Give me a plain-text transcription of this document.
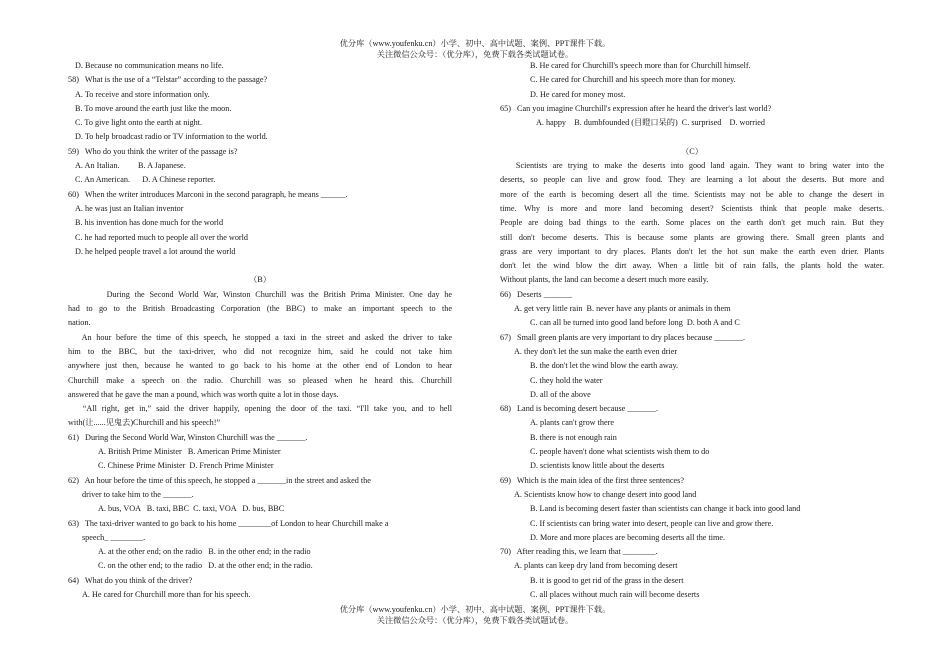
优分库（www.youfenku.cn）小学、初中、高中试题、案例、PPT课件下载。
关注微信公众号：（优分库），免费下载各类试题试卷。
D. Because no communication means no life.
58)   What is the use of a “Telstar” according to the passage?
A. To receive and store information only.
B. To move around the earth just like the moon.
C. To give light onto the earth at night.
D. To help broadcast radio or TV information to the world.
59)   Who do you think the writer of the passage is?
A. An Italian.         B. A Japanese.
C. An American.      D. A Chinese reporter.
60)   When the writer introduces Marconi in the second paragraph, he means ______.
A. he was just an Italian inventor
B. his invention has done much for the world
C. he had reported much to people all over the world
D. he helped people travel a lot around the world
（B）
During the Second World War, Winston Churchill was the British Prima Minister. One day he
had to go to the British Broadcasting Corporation (the BBC) to make an important speech to the
nation.
An hour before the time of this speech, he stopped a taxi in the street and asked the driver to take
him to the BBC, but the taxi-driver, who did not recognize him, said he could not take him
anywhere just then, because he wanted to go back to his home at the other end of London to hear
Churchill make a speech on the radio. Churchill was so pleased when he heard this. Churchill
answered that he gave the man a pound, which was worth quite a lot in those days.
“All right, get in,” said the driver happily, opening the door of the taxi. “I'll take you, and to hell
with(让......见鬼去)Churchill and his speech!”
61)   During the Second World War, Winston Churchill was the _______.
A. British Prime Minister   B. American Prime Minister
C. Chinese Prime Minister  D. French Prime Minister
62)   An hour before the time of this speech, he stopped a _______in the street and asked the
driver to take him to the _______.
A. bus, VOA   B. taxi, BBC  C. taxi, VOA   D. bus, BBC
63)   The taxi-driver wanted to go back to his home ________of London to hear Churchill make a
speech_ ________.
A. at the other end; on the radio   B. in the other end; in the radio
C. on the other end; to the radio   D. at the other end; in the radio.
64)   What do you think of the driver?
A. He cared for Churchill more than for his speech.
B. He cared for Churchill's speech more than for Churchill himself.
C. He cared for Churchill and his speech more than for money.
D. He cared for money most.
65)   Can you imagine Churchill's expression after he heard the driver's last world?
A. happy    B. dumbfounded (目瞪口呆的)  C. surprised    D. worried
（C）
Scientists are trying to make the deserts into good land again. They want to bring water into the
deserts, so people can live and grow food. They are learning a lot about the deserts. But more and
more of the earth is becoming desert all the time. Scientists may not be able to change the desert in
time. Why is more and more land becoming desert? Scientists think that people make deserts.
People are doing bad things to the earth. Some places on the earth don't get much rain. But they
still don't become deserts. This is because some plants are growing there. Small green plants and
grass are very important to dry places. Plants don't let the hot sun make the earth even drier. Plants
don't let the wind blow the dirt away. When a little bit of rain falls, the plants hold the water.
Without plants, the land can become a desert much more easily.
66)   Deserts _______
A. get very little rain  B. never have any plants or animals in them
C. can all be turned into good land before long  D. both A and C
67)   Small green plants are very important to dry places because _______.
A. they don't let the sun make the earth even drier
B. the don't let the wind blow the earth away.
C. they hold the water
D. all of the above
68)   Land is becoming desert because _______.
A. plants can't grow there
B. there is not enough rain
C. people haven't done what scientists wish them to do
D. scientists know little about the deserts
69)   Which is the main idea of the first three sentences?
A. Scientists know how to change desert into good land
B. Land is becoming desert faster than scientists can change it back into good land
C. If scientists can bring water into desert, people can live and grow there.
D. More and more places are becoming deserts all the time.
70)   After reading this, we learn that ________.
A. plants can keep dry land from becoming desert
B. it is good to get rid of the grass in the desert
C. all places without much rain will become deserts
优分库（www.youfenku.cn）小学、初中、高中试题、案例、PPT课件下载。
关注微信公众号：（优分库），免费下载各类试题试卷。
